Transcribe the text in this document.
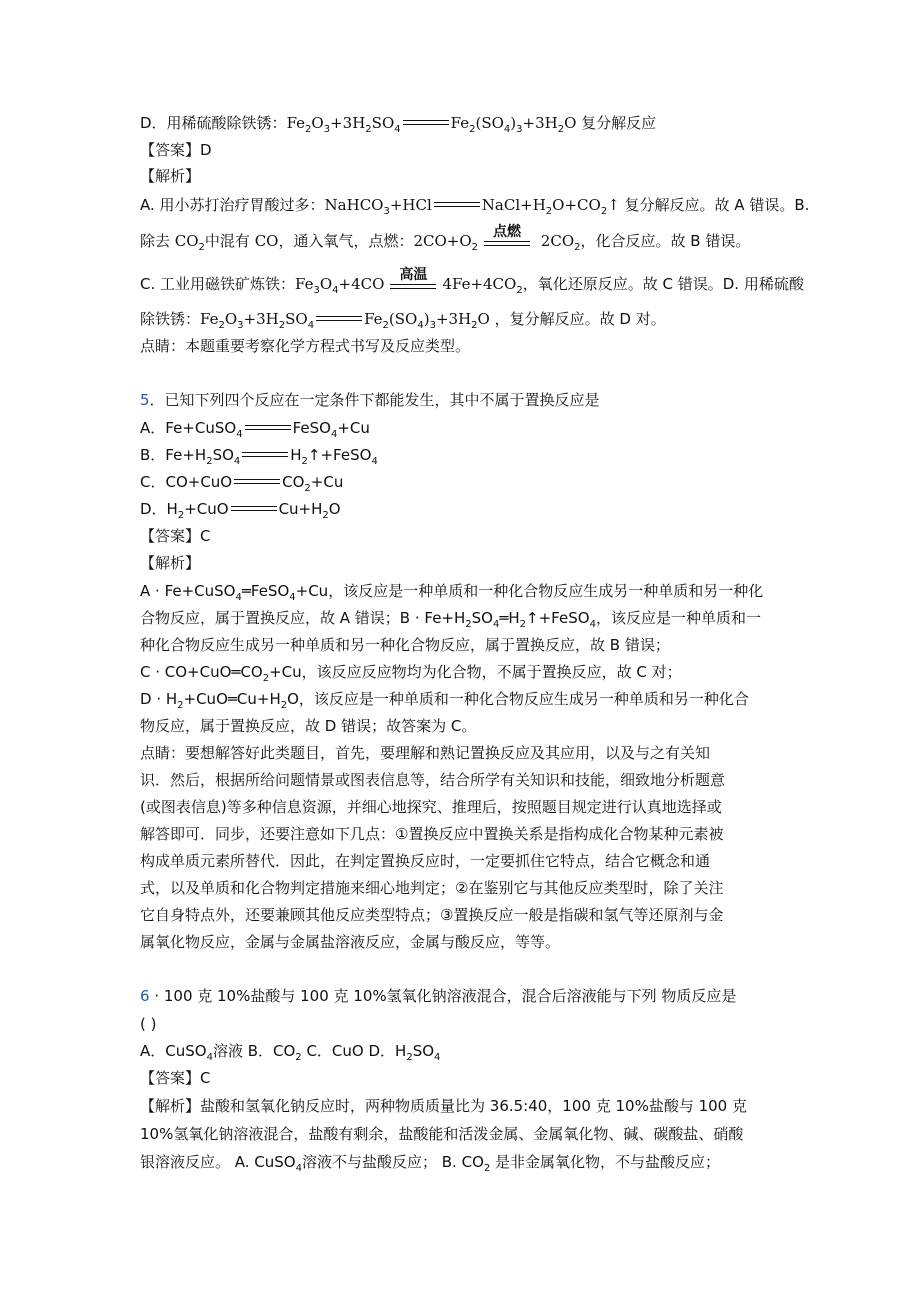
D．用稀硫酸除铁锈：$Fe_2O_3+3H_2SO_4$	$Fe_2(SO_4)_3+3H_2O$ 复分解反应
【答案】D
【解析】
A. 用小苏打治疗胃酸过多：NaHCO$_3$+HCl	$NaCl+H_2O+CO_2↑$ 复分解反应。故 A 错误。B.
除去 $CO_2$中混有 CO，通入氧气，点燃：$2CO+O_2$
点燃	$2CO_2$，化合反应。故 B 错误。
C. 工业用磁铁矿炼铁：$Fe_3O_4+4CO$	高温	$4Fe+4CO_2$，氧化还原反应。故 C 错误。D. 用稀硫酸
除铁锈：$Fe_2O_3+3H_2SO_4$	$Fe_2(SO_4)_3+3H_2O$ ，复分解反应。故 D 对。
点睛：本题重要考察化学方程式书写及反应类型。
5．已知下列四个反应在一定条件下都能发生，其中不属于置换反应是
A．Fe+CuSO$_4$	FeSO$_4$+Cu
B．$Fe+H_2SO_4$	$H_2↑+FeSO_4$
C．CO+CuO	$CO_2+Cu$
D．$H_2+CuO$	$Cu+H_2O$
【答案】C
【解析】
A · Fe+CuSO$_4$═FeSO$_4$+Cu，该反应是一种单质和一种化合物反应生成另一种单质和另一种化
合物反应，属于置换反应，故 A 错误；$B \cdot Fe+H_2SO_4═H_2↑+FeSO_4$，该反应是一种单质和一
种化合物反应生成另一种单质和另一种化合物反应，属于置换反应，故 B 错误；
$C \cdot CO+CuO═CO_2+Cu$，该反应反应物均为化合物，不属于置换反应，故 C 对；
$D \cdot H_2+CuO═Cu+H_2O$，该反应是一种单质和一种化合物反应生成另一种单质和另一种化合
物反应，属于置换反应，故 D 错误；故答案为 C。
点睛：要想解答好此类题目，首先，要理解和熟记置换反应及其应用，以及与之有关知
识．然后，根据所给问题情景或图表信息等，结合所学有关知识和技能，细致地分析题意
(或图表信息)等多种信息资源，并细心地探究、推理后，按照题目规定进行认真地选择或
解答即可．同步，还要注意如下几点：①置换反应中置换关系是指构成化合物某种元素被
构成单质元素所替代．因此，在判定置换反应时，一定要抓住它特点，结合它概念和通
式，以及单质和化合物判定措施来细心地判定；②在鉴别它与其他反应类型时，除了关注
它自身特点外，还要兼顾其他反应类型特点；③置换反应一般是指碳和氢气等还原剂与金
属氧化物反应，金属与金属盐溶液反应，金属与酸反应，等等。
6 · 100 克 10%盐酸与 100 克 10%氢氧化钠溶液混合，混合后溶液能与下列 物质反应是
( )
A．CuSO$_4$溶液 B．$CO_2$ C．CuO D．$H_2SO_4$
【答案】C
【解析】盐酸和氢氧化钠反应时，两种物质质量比为 36.5:40，100 克 10%盐酸与 100 克
10%氢氧化钠溶液混合，盐酸有剩余，盐酸能和活泼金属、金属氧化物、碱、碳酸盐、硝酸
银溶液反应。 A. CuSO$_4$溶液不与盐酸反应； B. $CO_2$ 是非金属氧化物，不与盐酸反应；
